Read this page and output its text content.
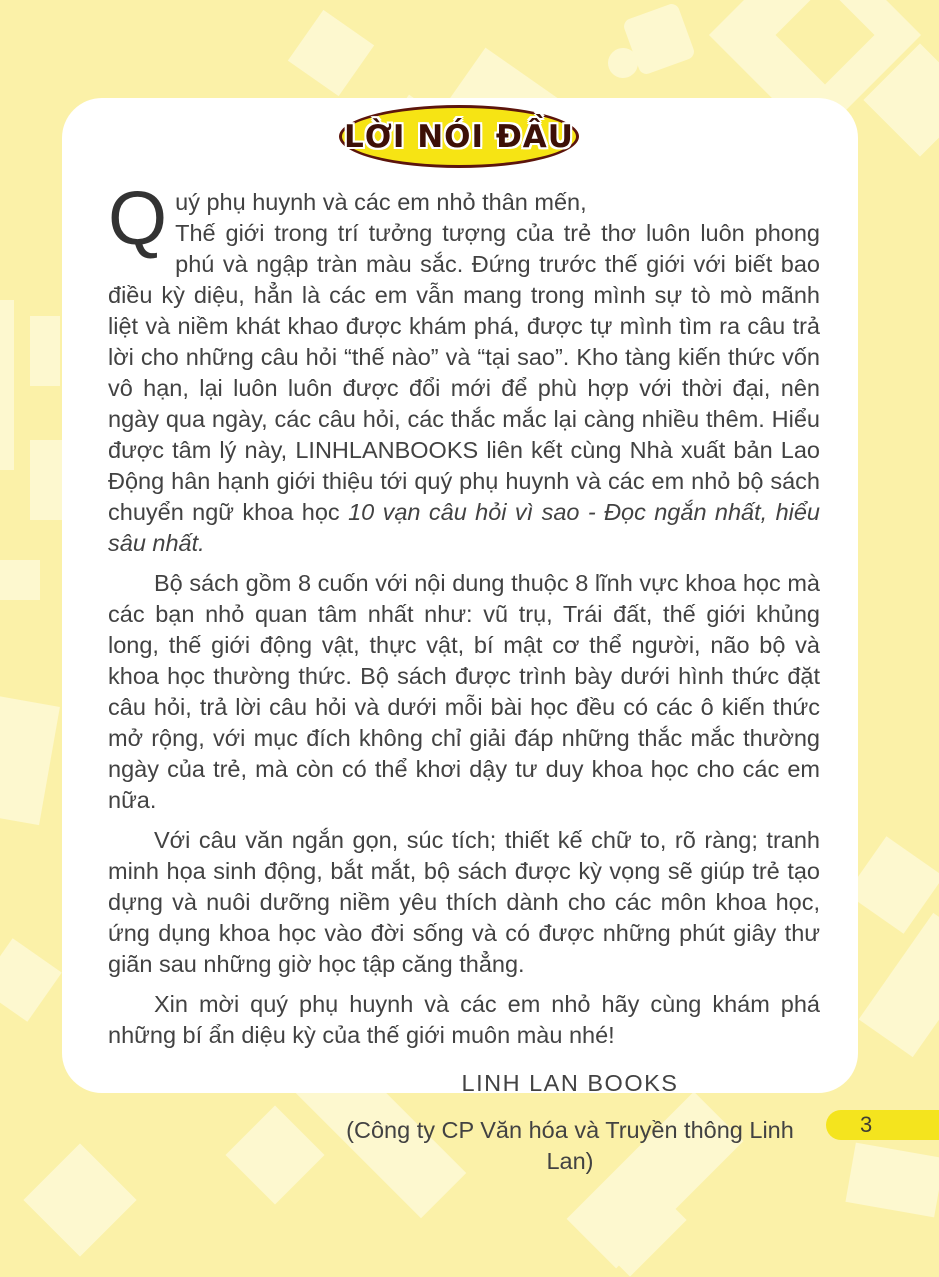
LỜI NÓI ĐẦU

Quý phụ huynh và các em nhỏ thân mến,
Thế giới trong trí tưởng tượng của trẻ thơ luôn luôn phong phú và ngập tràn màu sắc. Đứng trước thế giới với biết bao điều kỳ diệu, hẳn là các em vẫn mang trong mình sự tò mò mãnh liệt và niềm khát khao được khám phá, được tự mình tìm ra câu trả lời cho những câu hỏi “thế nào” và “tại sao”. Kho tàng kiến thức vốn vô hạn, lại luôn luôn được đổi mới để phù hợp với thời đại, nên ngày qua ngày, các câu hỏi, các thắc mắc lại càng nhiều thêm. Hiểu được tâm lý này, LINHLANBOOKS liên kết cùng Nhà xuất bản Lao Động hân hạnh giới thiệu tới quý phụ huynh và các em nhỏ bộ sách chuyển ngữ khoa học 10 vạn câu hỏi vì sao - Đọc ngắn nhất, hiểu sâu nhất.

Bộ sách gồm 8 cuốn với nội dung thuộc 8 lĩnh vực khoa học mà các bạn nhỏ quan tâm nhất như: vũ trụ, Trái đất, thế giới khủng long, thế giới động vật, thực vật, bí mật cơ thể người, não bộ và khoa học thường thức. Bộ sách được trình bày dưới hình thức đặt câu hỏi, trả lời câu hỏi và dưới mỗi bài học đều có các ô kiến thức mở rộng, với mục đích không chỉ giải đáp những thắc mắc thường ngày của trẻ, mà còn có thể khơi dậy tư duy khoa học cho các em nữa.

Với câu văn ngắn gọn, súc tích; thiết kế chữ to, rõ ràng; tranh minh họa sinh động, bắt mắt, bộ sách được kỳ vọng sẽ giúp trẻ tạo dựng và nuôi dưỡng niềm yêu thích dành cho các môn khoa học, ứng dụng khoa học vào đời sống và có được những phút giây thư giãn sau những giờ học tập căng thẳng.

Xin mời quý phụ huynh và các em nhỏ hãy cùng khám phá những bí ẩn diệu kỳ của thế giới muôn màu nhé!

LINH LAN BOOKS

(Công ty CP Văn hóa và Truyền thông Linh Lan)

3
